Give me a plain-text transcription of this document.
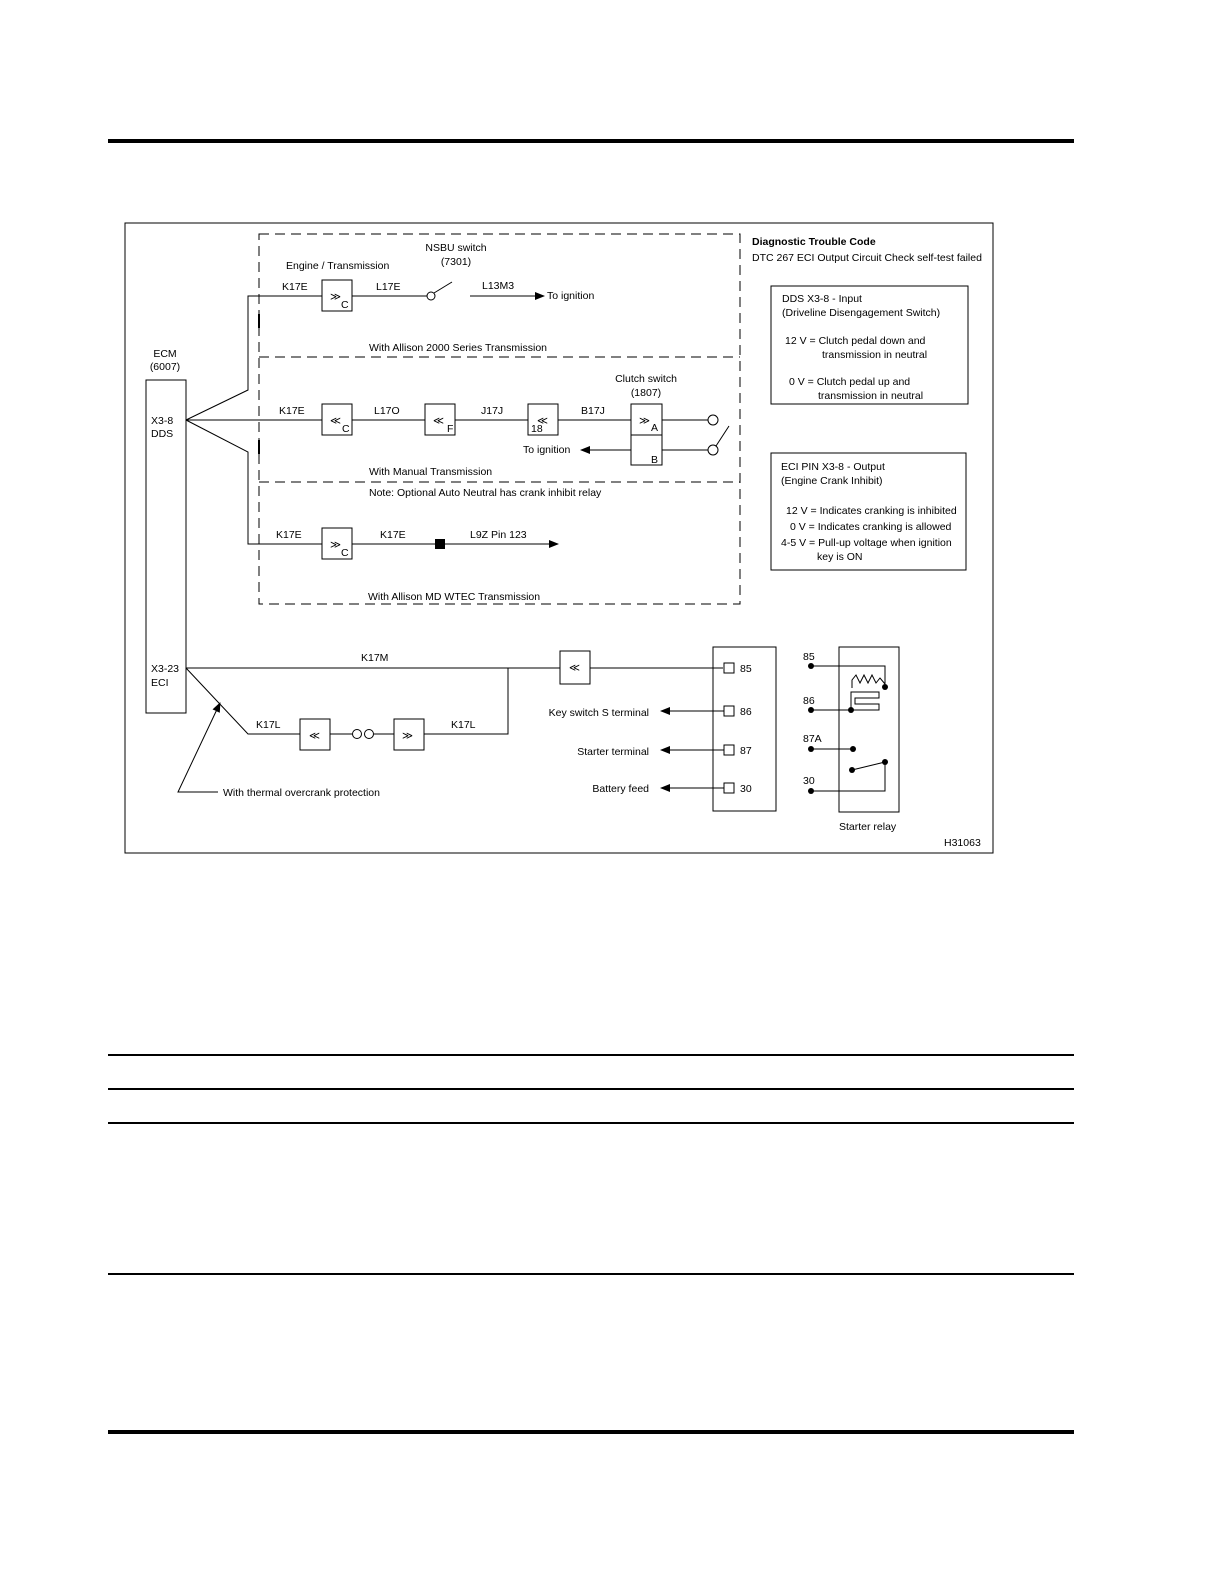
Diagnostic Trouble Code
DTC 267 ECI Output Circuit Check self-test failed
ECM
(6007)
X3-8
DDS
X3-23
ECI
Engine / Transmission
NSBU switch
(7301)
K17E
≫
C
L17E	L13M3
To ignition
With Allison 2000 Series Transmission
K17E
≪
C
L17O
≪
F
J17J
≪
18
B17J
Clutch switch
(1807)
≫
A
B
To ignition
With Manual Transmission
Note: Optional Auto Neutral has crank inhibit relay
K17E
≫
C
K17E	L9Z Pin 123
With Allison MD WTEC Transmission
DDS X3-8 - Input
(Driveline Disengagement Switch)
12 V = Clutch pedal down and
transmission in neutral
0 V = Clutch pedal up and
transmission in neutral
ECI PIN X3-8 - Output
(Engine Crank Inhibit)
12 V = Indicates cranking is inhibited
0 V = Indicates cranking is allowed
4-5 V = Pull-up voltage when ignition
key is ON
K17M
≪
K17L
≪	≫
K17L
With thermal overcrank protection
85
86
87
30
Key switch S terminal
Starter terminal
Battery feed
85
86
87A
30
Starter relay
H31063
